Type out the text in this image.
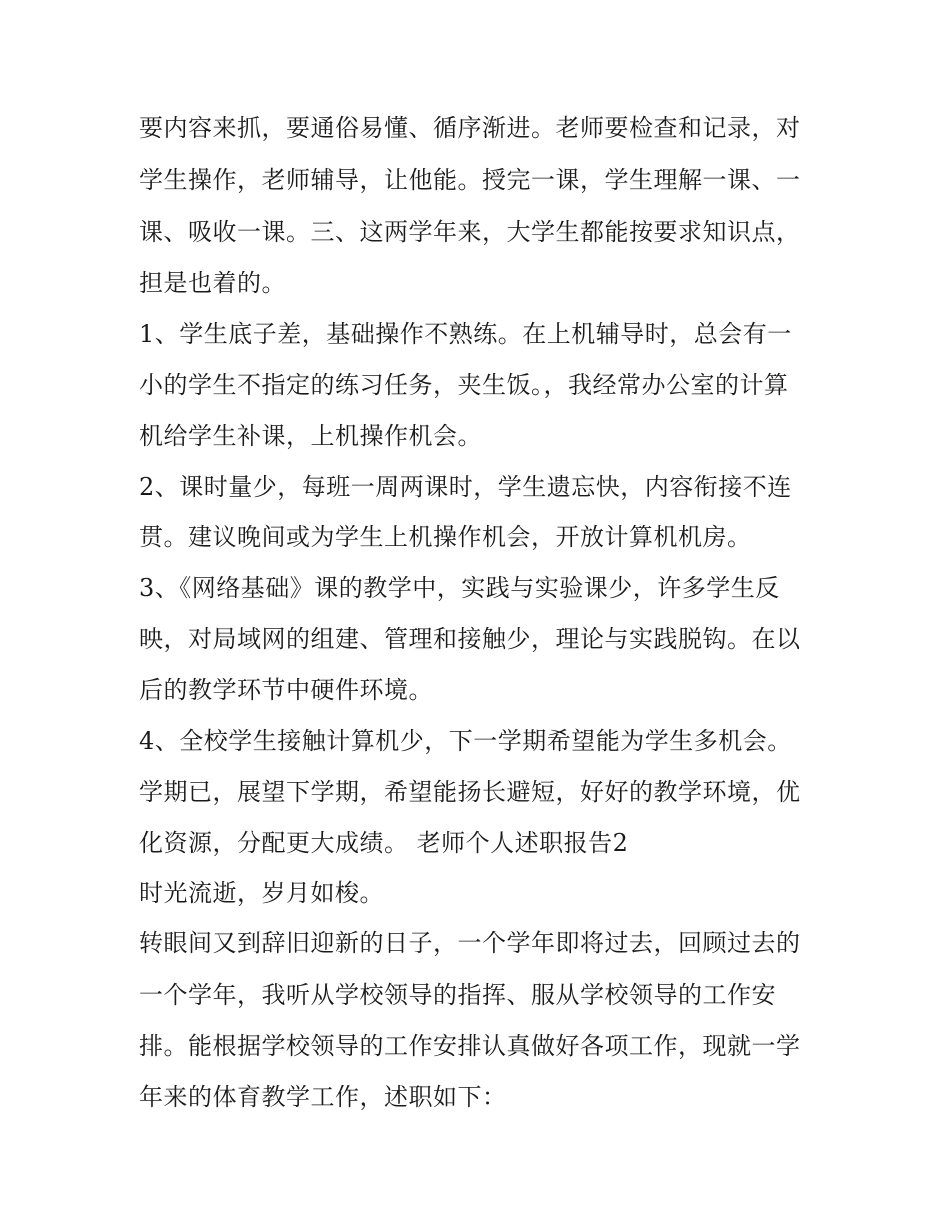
要内容来抓，要通俗易懂、循序渐进。老师要检查和记录，对
学生操作，老师辅导，让他能。授完一课，学生理解一课、一
课、吸收一课。三、这两学年来，大学生都能按要求知识点，
担是也着的。
1、学生底子差，基础操作不熟练。在上机辅导时，总会有一
小的学生不指定的练习任务，夹生饭。，我经常办公室的计算
机给学生补课，上机操作机会。
2、课时量少，每班一周两课时，学生遗忘快，内容衔接不连
贯。建议晚间或为学生上机操作机会，开放计算机机房。
3、《网络基础》课的教学中，实践与实验课少，许多学生反
映，对局域网的组建、管理和接触少，理论与实践脱钩。在以
后的教学环节中硬件环境。
4、全校学生接触计算机少，下一学期希望能为学生多机会。
学期已，展望下学期，希望能扬长避短，好好的教学环境，优
化资源，分配更大成绩。 老师个人述职报告2
时光流逝，岁月如梭。
转眼间又到辞旧迎新的日子，一个学年即将过去，回顾过去的
一个学年，我听从学校领导的指挥、服从学校领导的工作安
排。能根据学校领导的工作安排认真做好各项工作，现就一学
年来的体育教学工作，述职如下：
